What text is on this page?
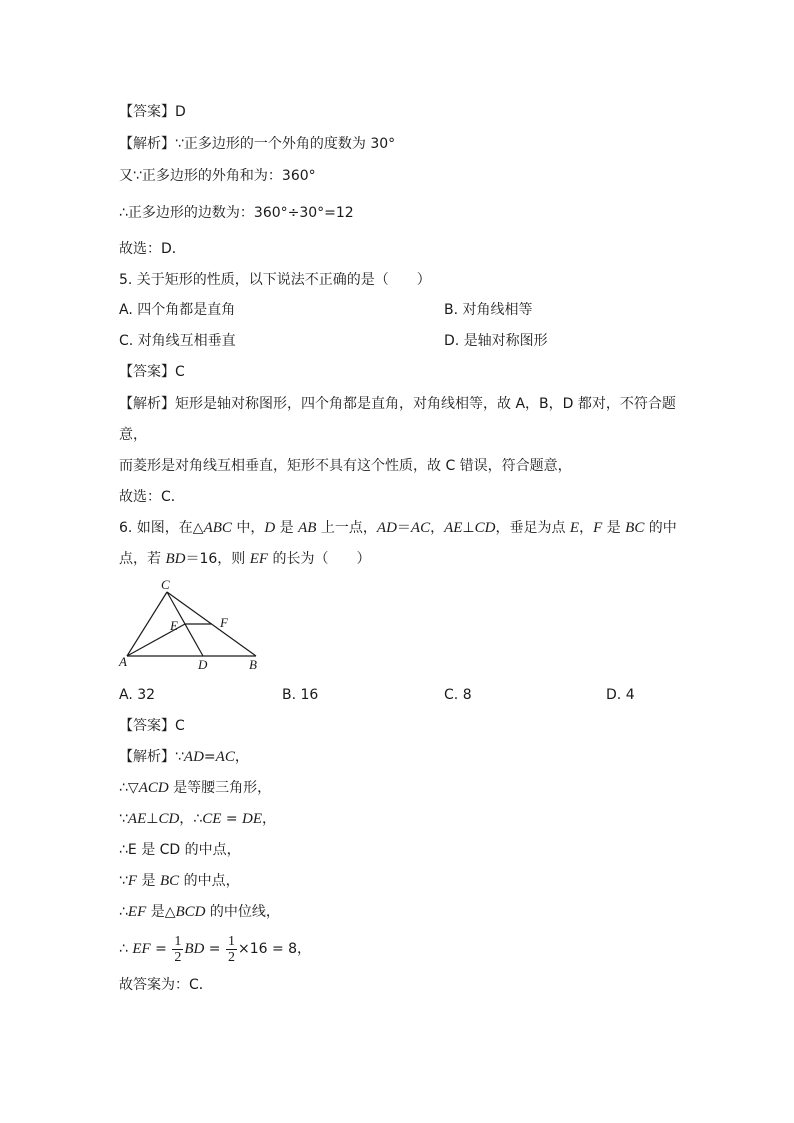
【答案】D
【解析】∵正多边形的一个外角的度数为 30°
又∵正多边形的外角和为：360°
∴正多边形的边数为：360°÷30°=12
故选：D．
5. 关于矩形的性质，以下说法不正确的是（　　）
A. 四个角都是直角	B. 对角线相等
C. 对角线互相垂直	D. 是轴对称图形
【答案】C
【解析】矩形是轴对称图形，四个角都是直角，对角线相等，故 A，B，D 都对，不符合题
意，
而菱形是对角线互相垂直，矩形不具有这个性质，故 C 错误，符合题意，
故选：C．
6. 如图，在△ABC 中，D 是 AB 上一点，AD＝AC，AE⊥CD，垂足为点 E，F 是 BC 的中
点，若 BD＝16，则 EF 的长为（　　）
C
E	F
A	D	B
A. 32	B. 16	C. 8	D. 4
【答案】C
【解析】∵AD=AC，
∴▽ACD 是等腰三角形，
∵AE⊥CD，∴CE = DE，
∴E 是 CD 的中点，
∵F 是 BC 的中点，
∴EF 是△BCD 的中位线，
∴ EF = $\frac{1}{2}$ BD = $\frac{1}{2} \times 16 = 8$，
故答案为：C．
